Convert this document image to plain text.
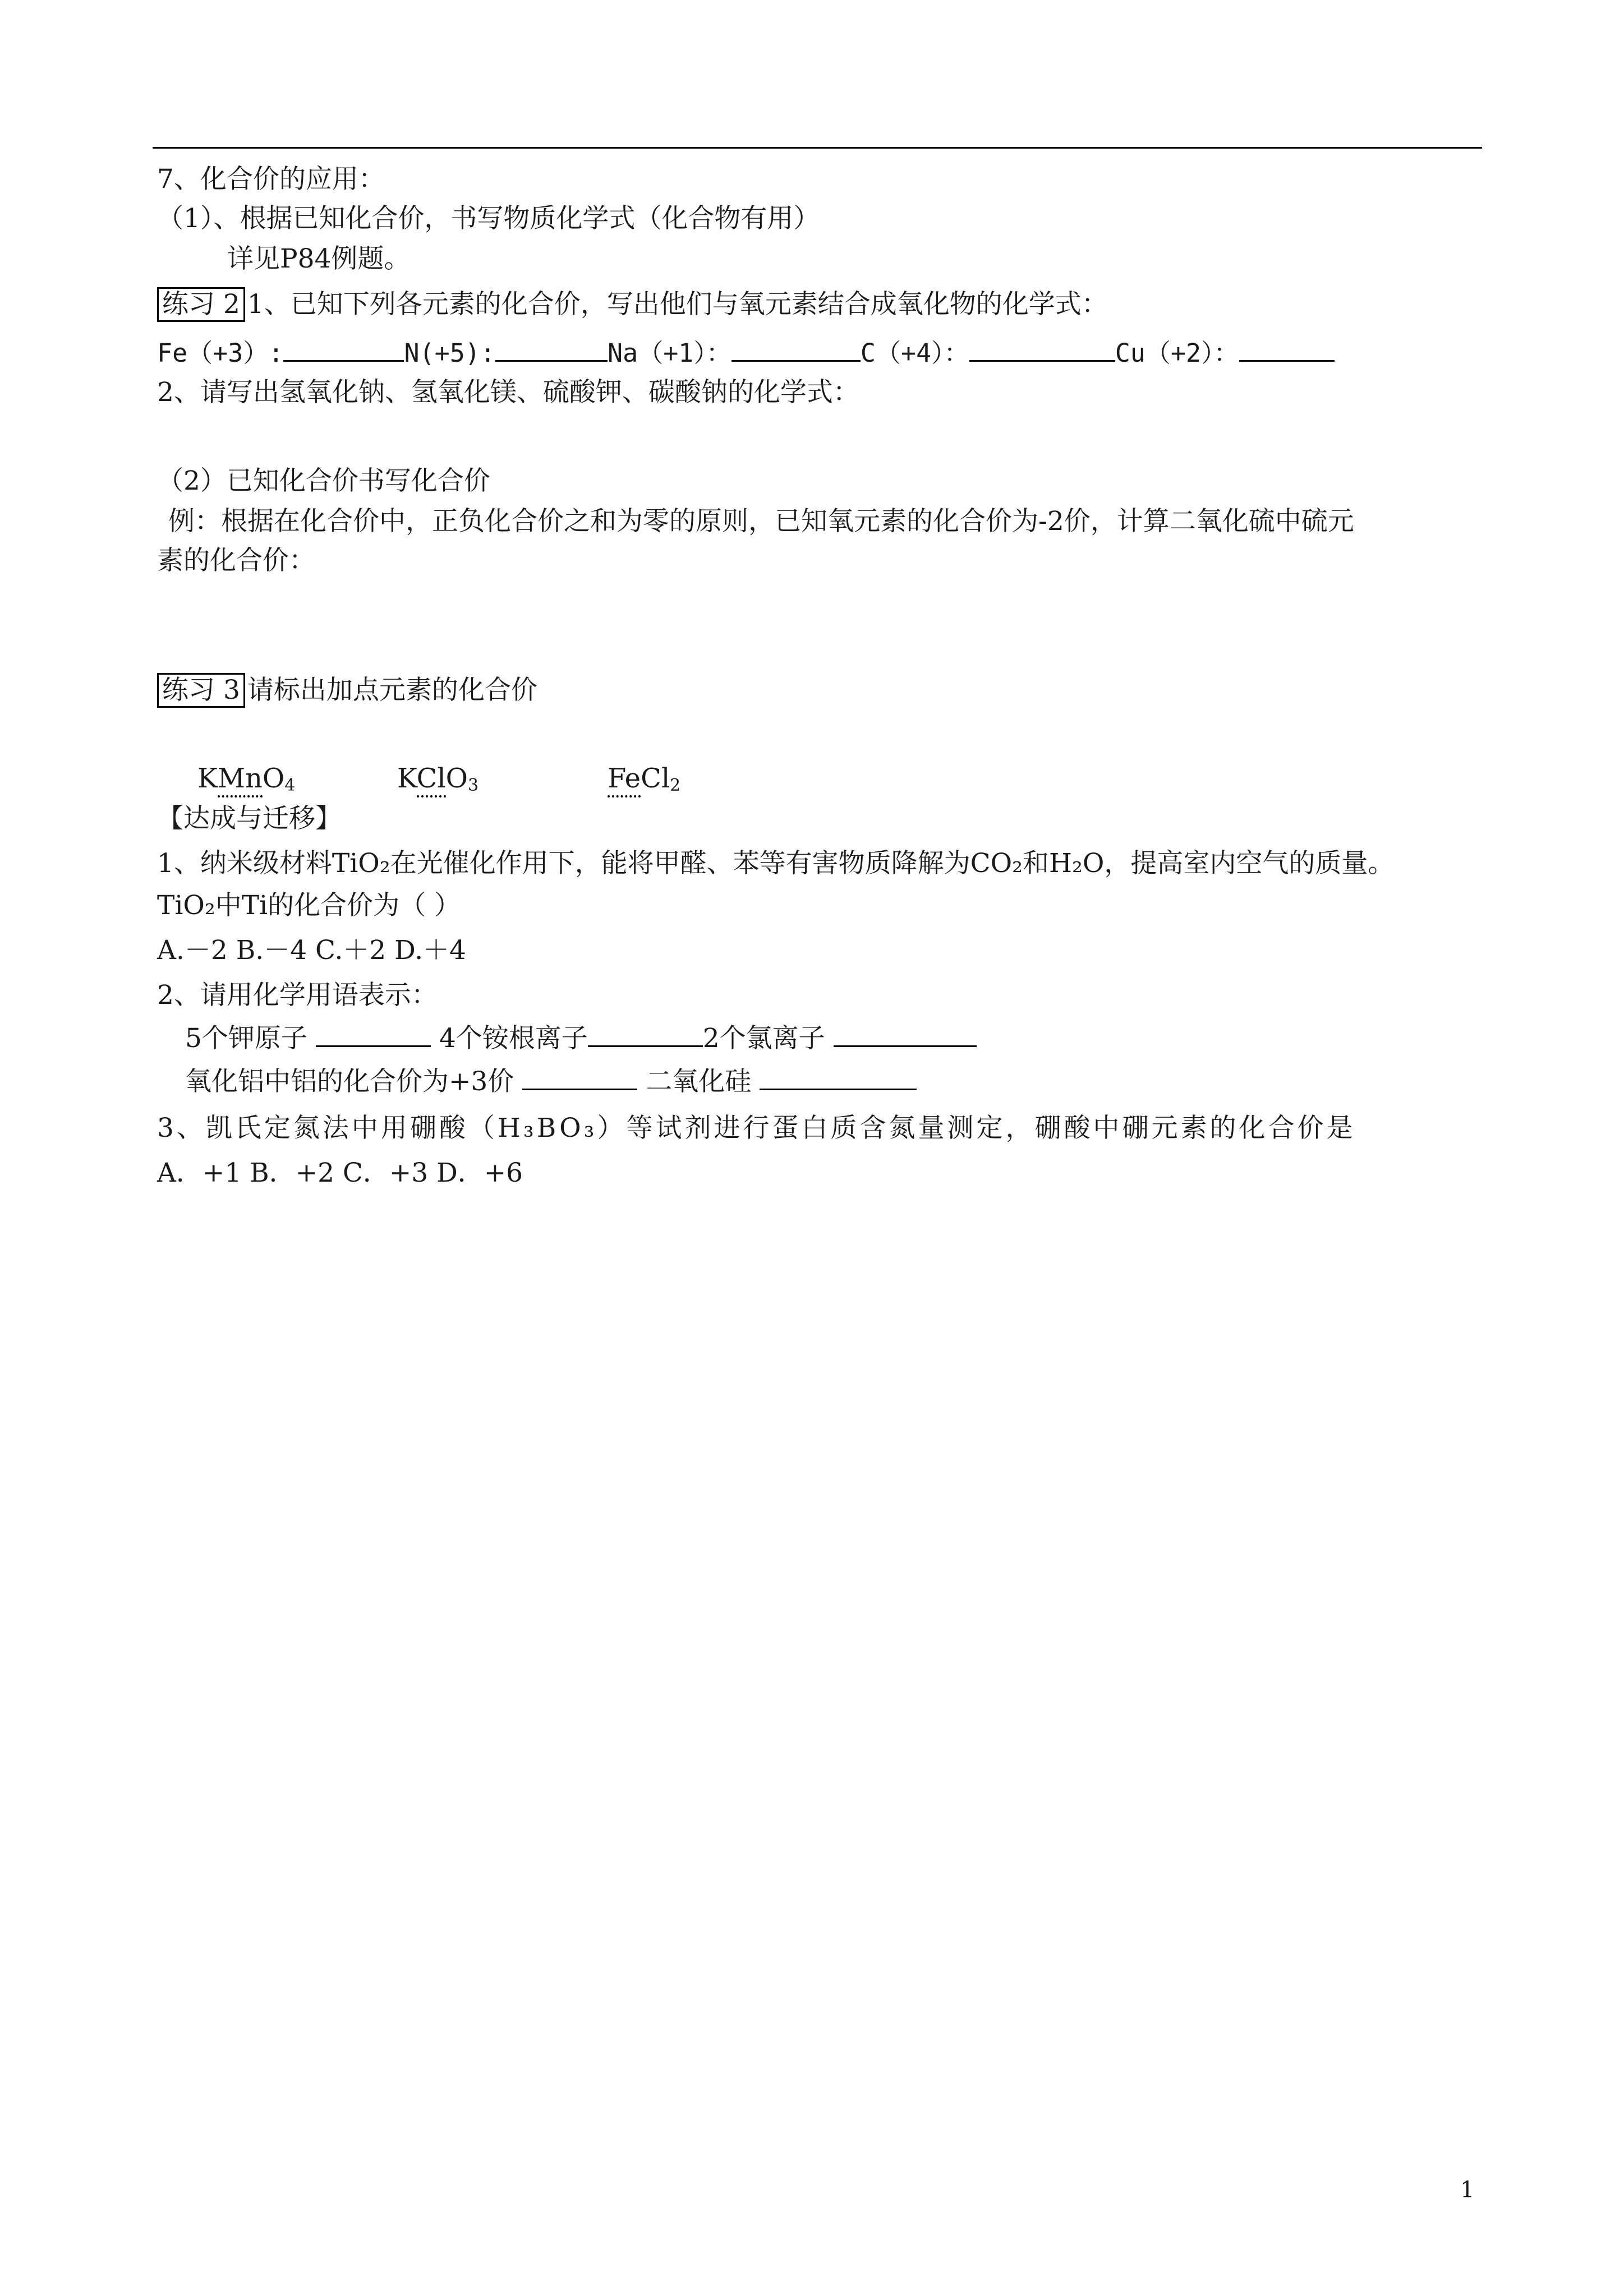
7、化合价的应用：
（1）、根据已知化合价，书写物质化学式（化合物有用）
详见P84例题。
练习 2 1、已知下列各元素的化合价，写出他们与氧元素结合成氧化物的化学式：
Fe（+3）:	N(+5):	Na（+1）：	C（+4）：	Cu（+2）：
2、请写出氢氧化钠、氢氧化镁、硫酸钾、碳酸钠的化学式：
（2）已知化合价书写化合价
例：根据在化合价中，正负化合价之和为零的原则，已知氧元素的化合价为-2价，计算二氧化硫中硫元
素的化合价：
练习 3 请标出加点元素的化合价
KMnO$_4$	KClO$_3$	FeCl$_2$
【达成与迁移】
1、纳米级材料TiO₂在光催化作用下，能将甲醛、苯等有害物质降解为CO₂和H₂O，提高室内空气的质量。
TiO₂中Ti的化合价为（ ）
A.－2 B.－4 C.＋2 D.＋4
2、请用化学用语表示：
5个钾原子	4个铵根离子	2个氯离子
氧化铝中铝的化合价为+3价	二氧化硅
3、凯氏定氮法中用硼酸（H₃BO₃）等试剂进行蛋白质含氮量测定，硼酸中硼元素的化合价是
A．+1 B．+2 C．+3 D．+6
1
